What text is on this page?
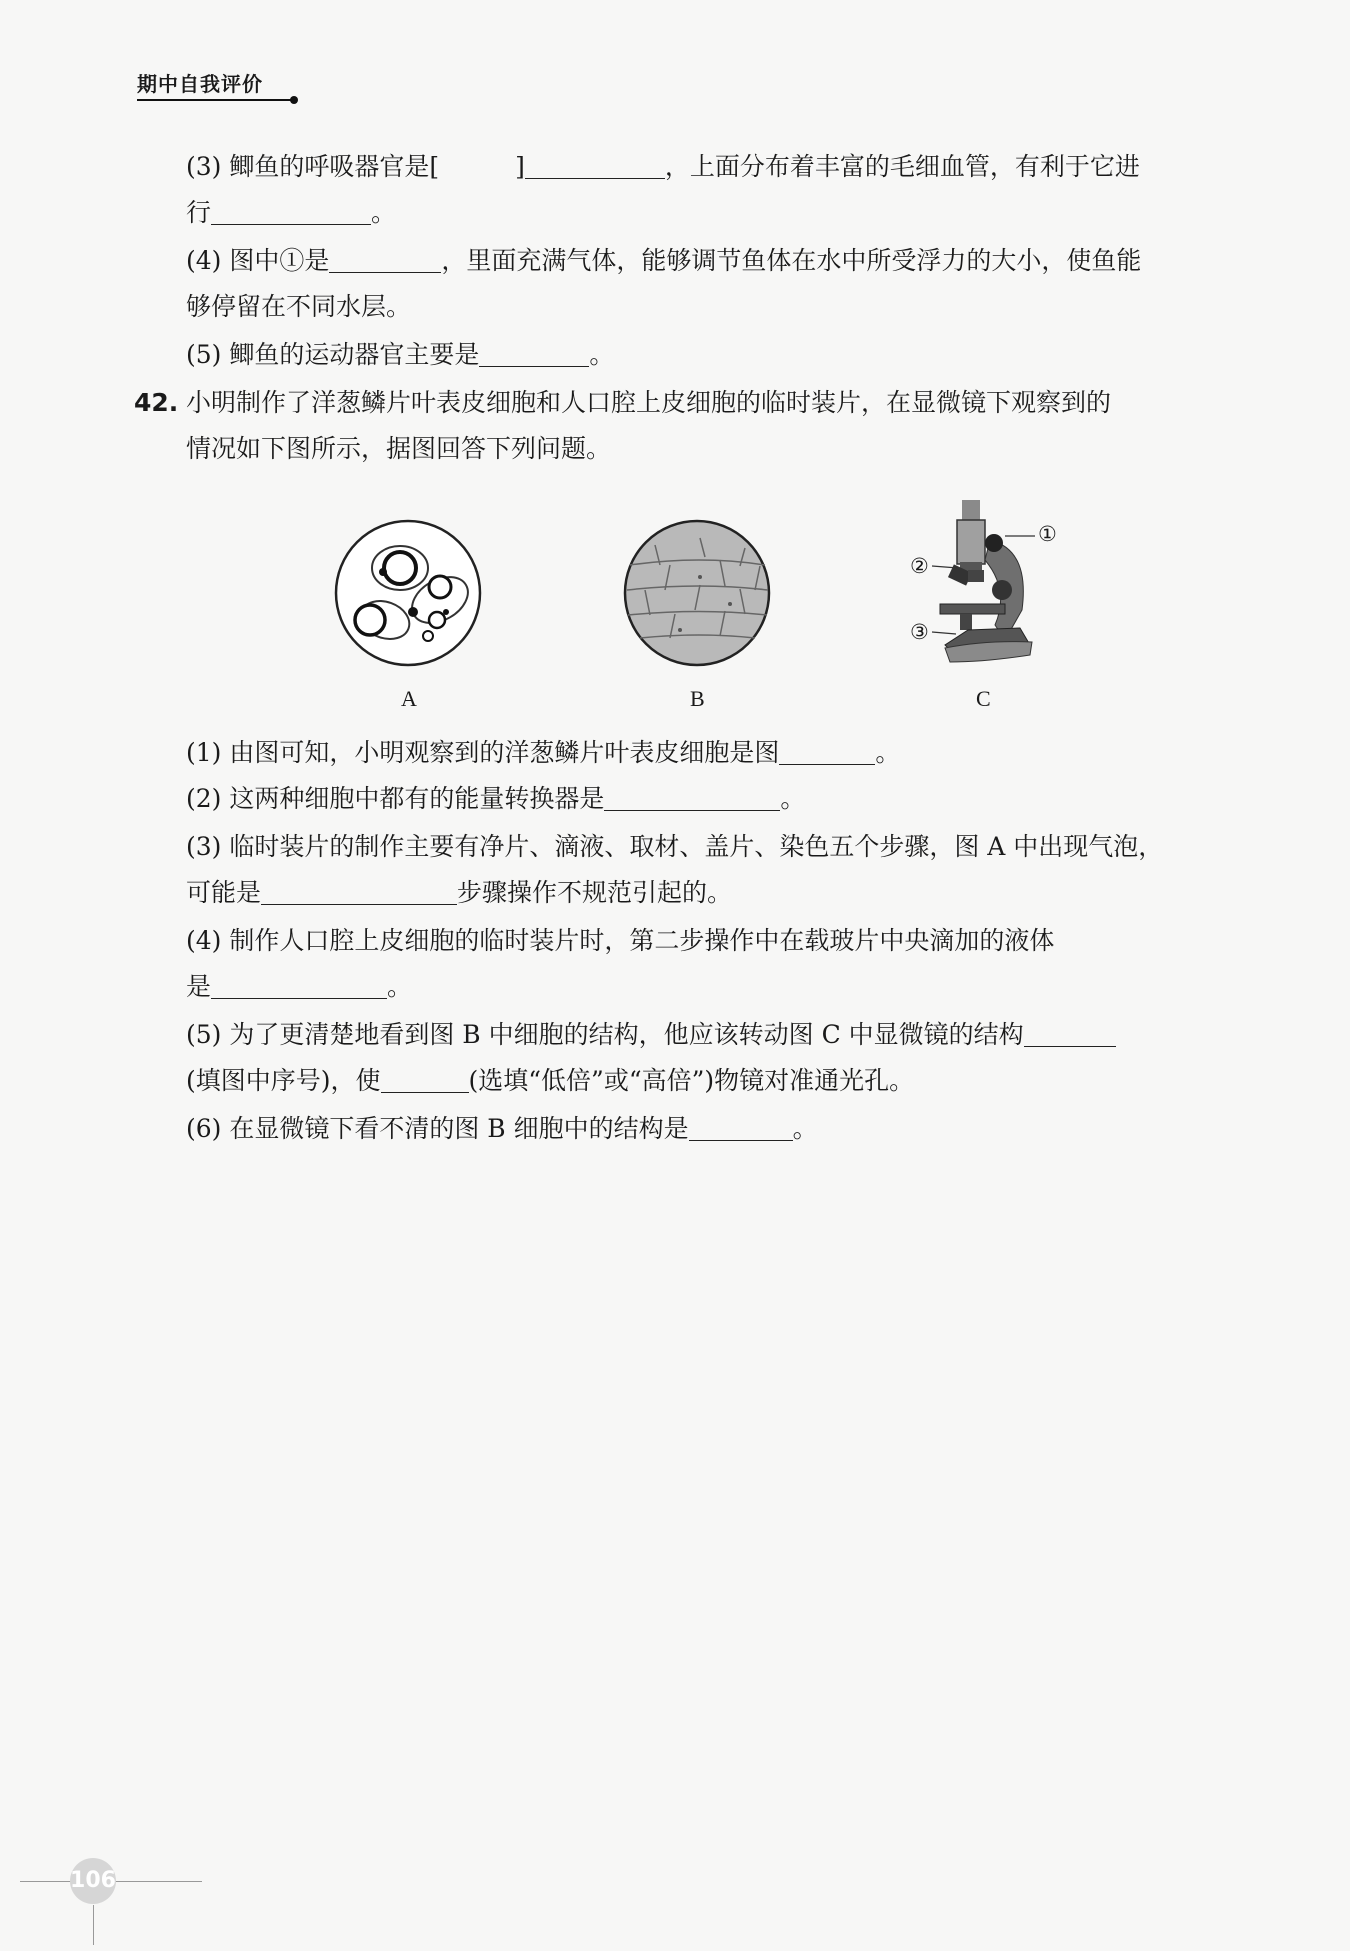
期中自我评价
(3) 鲫鱼的呼吸器官是[	]	，上面分布着丰富的毛细血管，有利于它进
行	。
(4) 图中①是	，里面充满气体，能够调节鱼体在水中所受浮力的大小，使鱼能
够停留在不同水层。
(5) 鲫鱼的运动器官主要是	。
42. 小明制作了洋葱鳞片叶表皮细胞和人口腔上皮细胞的临时装片，在显微镜下观察到的
情况如下图所示，据图回答下列问题。
①
②
③
A	B	C
(1) 由图可知，小明观察到的洋葱鳞片叶表皮细胞是图	。
(2) 这两种细胞中都有的能量转换器是	。
(3) 临时装片的制作主要有净片、滴液、取材、盖片、染色五个步骤，图 A 中出现气泡，
可能是	步骤操作不规范引起的。
(4) 制作人口腔上皮细胞的临时装片时，第二步操作中在载玻片中央滴加的液体
是	。
(5) 为了更清楚地看到图 B 中细胞的结构，他应该转动图 C 中显微镜的结构
(填图中序号)，使	(选填“低倍”或“高倍”)物镜对准通光孔。
(6) 在显微镜下看不清的图 B 细胞中的结构是	。
106
